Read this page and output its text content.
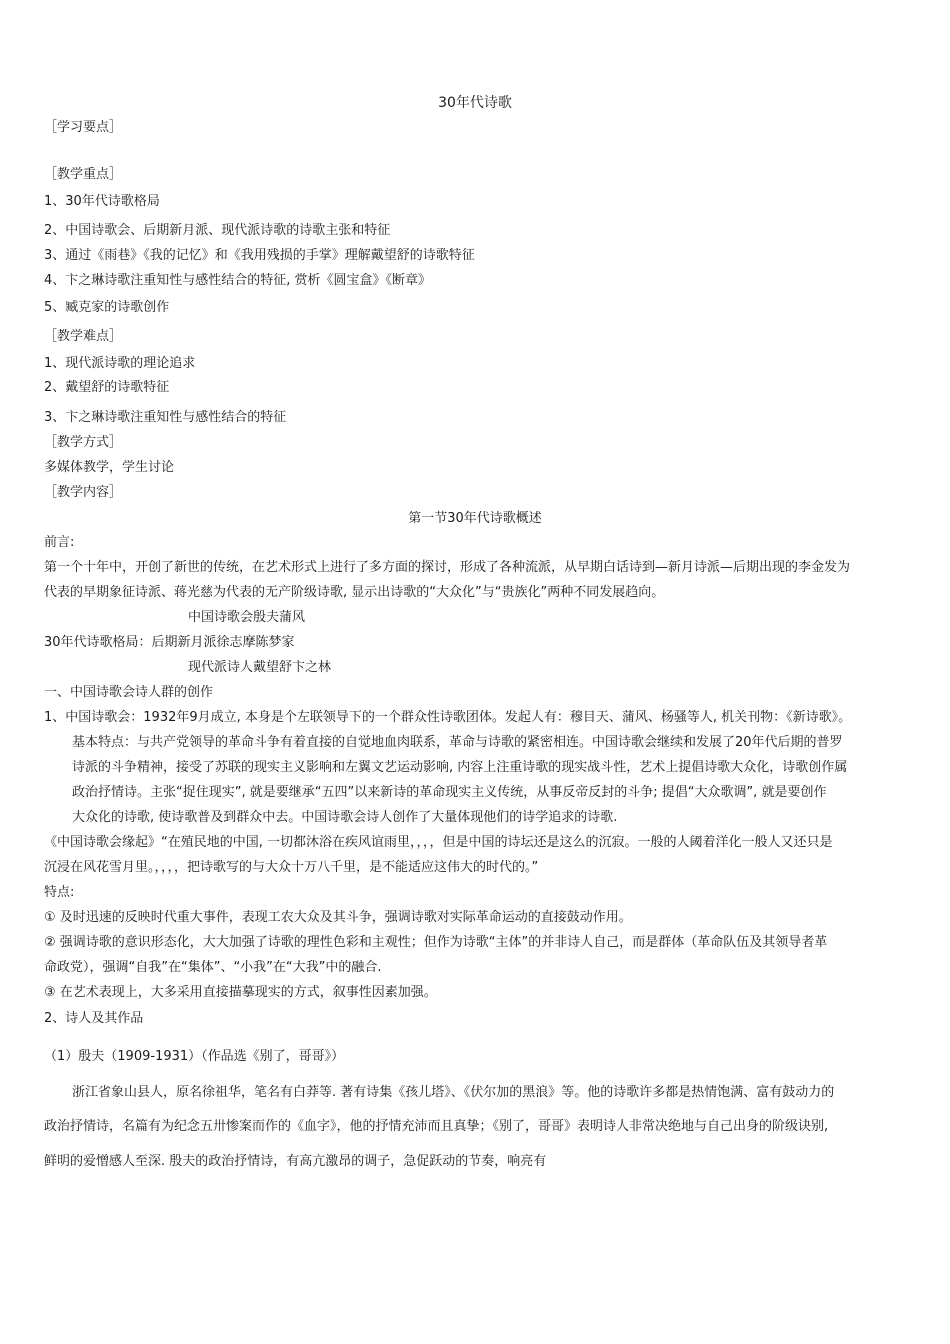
30年代诗歌
［学习要点］
［教学重点］
1、30年代诗歌格局
2、中国诗歌会、后期新月派、现代派诗歌的诗歌主张和特征
3、通过《雨巷》《我的记忆》和《我用残损的手掌》理解戴望舒的诗歌特征
4、卞之琳诗歌注重知性与感性结合的特征, 赏析《圆宝盒》《断章》
5、臧克家的诗歌创作
［教学难点］
1、现代派诗歌的理论追求
2、戴望舒的诗歌特征
3、卞之琳诗歌注重知性与感性结合的特征
［教学方式］
多媒体教学，学生讨论
［教学内容］
第一节30年代诗歌概述
前言:
第一个十年中，开创了新世的传统，在艺术形式上进行了多方面的探讨，形成了各种流派，从早期白话诗到—新月诗派—后期出现的李金发为
代表的早期象征诗派、蒋光慈为代表的无产阶级诗歌, 显示出诗歌的“大众化”与“贵族化”两种不同发展趋向。
中国诗歌会殷夫蒲风
30年代诗歌格局：后期新月派徐志摩陈梦家
现代派诗人戴望舒卞之林
一、中国诗歌会诗人群的创作
1、中国诗歌会：1932年9月成立, 本身是个左联领导下的一个群众性诗歌团体。发起人有：穆目天、蒲风、杨骚等人, 机关刊物：《新诗歌》。
基本特点：与共产党领导的革命斗争有着直接的自觉地血肉联系，革命与诗歌的紧密相连。中国诗歌会继续和发展了20年代后期的普罗
诗派的斗争精神，接受了苏联的现实主义影响和左翼文艺运动影响, 内容上注重诗歌的现实战斗性，艺术上提倡诗歌大众化，诗歌创作属
政治抒情诗。主张“捉住现实”, 就是要继承“五四”以来新诗的革命现实主义传统，从事反帝反封的斗争; 提倡“大众歌调”, 就是要创作
大众化的诗歌, 使诗歌普及到群众中去。中国诗歌会诗人创作了大量体现他们的诗学追求的诗歌.
《中国诗歌会缘起》“在殖民地的中国, 一切都沐浴在疾风谊雨里，，，，但是中国的诗坛还是这么的沉寂。一般的人阈着洋化一般人又还只是
沉浸在风花雪月里。，，，，把诗歌写的与大众十万八千里，是不能适应这伟大的时代的。”
特点:
① 及时迅速的反映时代重大事件，表现工农大众及其斗争，强调诗歌对实际革命运动的直接鼓动作用。
② 强调诗歌的意识形态化，大大加强了诗歌的理性色彩和主观性；但作为诗歌“主体”的并非诗人自己，而是群体（革命队伍及其领导者革
命政党），强调“自我”在“集体”、“小我”在“大我”中的融合.
③ 在艺术表现上，大多采用直接描摹现实的方式，叙事性因素加强。
2、诗人及其作品
（1）殷夫（1909-1931）（作品选《别了，哥哥》）
浙江省象山县人，原名徐祖华，笔名有白莽等. 著有诗集《孩儿塔》、《伏尔加的黑浪》等。他的诗歌许多都是热情饱满、富有鼓动力的
政治抒情诗，名篇有为纪念五卅惨案而作的《血字》，他的抒情充沛而且真挚；《别了，哥哥》表明诗人非常决绝地与自己出身的阶级诀别,
鲜明的爱憎感人至深. 殷夫的政治抒情诗，有高亢激昂的调子，急促跃动的节奏，响亮有
